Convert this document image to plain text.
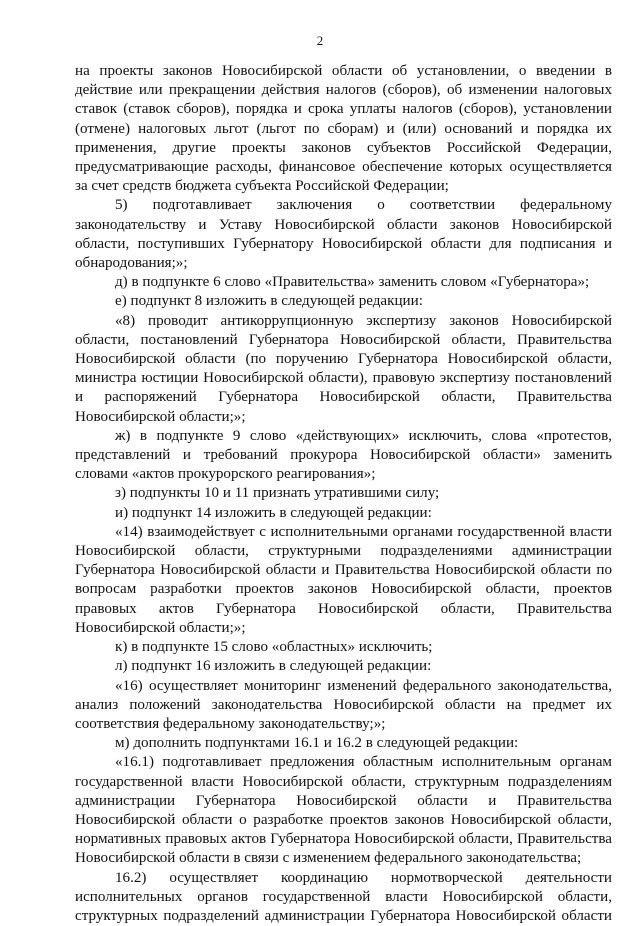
2

на проекты законов Новосибирской области об установлении, о введении в действие или прекращении действия налогов (сборов), об изменении налоговых ставок (ставок сборов), порядка и срока уплаты налогов (сборов), установлении (отмене) налоговых льгот (льгот по сборам) и (или) оснований и порядка их применения, другие проекты законов субъектов Российской Федерации, предусматривающие расходы, финансовое обеспечение которых осуществляется за счет средств бюджета субъекта Российской Федерации;

5) подготавливает заключения о соответствии федеральному законодательству и Уставу Новосибирской области законов Новосибирской области, поступивших Губернатору Новосибирской области для подписания и обнародования;»;

д) в подпункте 6 слово «Правительства» заменить словом «Губернатора»;

е) подпункт 8 изложить в следующей редакции:

«8) проводит антикоррупционную экспертизу законов Новосибирской области, постановлений Губернатора Новосибирской области, Правительства Новосибирской области (по поручению Губернатора Новосибирской области, министра юстиции Новосибирской области), правовую экспертизу постановлений и распоряжений Губернатора Новосибирской области, Правительства Новосибирской области;»;

ж) в подпункте 9 слово «действующих» исключить, слова «протестов, представлений и требований прокурора Новосибирской области» заменить словами «актов прокурорского реагирования»;

з) подпункты 10 и 11 признать утратившими силу;

и) подпункт 14 изложить в следующей редакции:

«14) взаимодействует с исполнительными органами государственной власти Новосибирской области, структурными подразделениями администрации Губернатора Новосибирской области и Правительства Новосибирской области по вопросам разработки проектов законов Новосибирской области, проектов правовых актов Губернатора Новосибирской области, Правительства Новосибирской области;»;

к) в подпункте 15 слово «областных» исключить;

л) подпункт 16 изложить в следующей редакции:

«16) осуществляет мониторинг изменений федерального законодательства, анализ положений законодательства Новосибирской области на предмет их соответствия федеральному законодательству;»;

м) дополнить подпунктами 16.1 и 16.2 в следующей редакции:

«16.1) подготавливает предложения областным исполнительным органам государственной власти Новосибирской области, структурным подразделениям администрации Губернатора Новосибирской области и Правительства Новосибирской области о разработке проектов законов Новосибирской области, нормативных правовых актов Губернатора Новосибирской области, Правительства Новосибирской области в связи с изменением федерального законодательства;

16.2) осуществляет координацию нормотворческой деятельности исполнительных органов государственной власти Новосибирской области, структурных подразделений администрации Губернатора Новосибирской области
